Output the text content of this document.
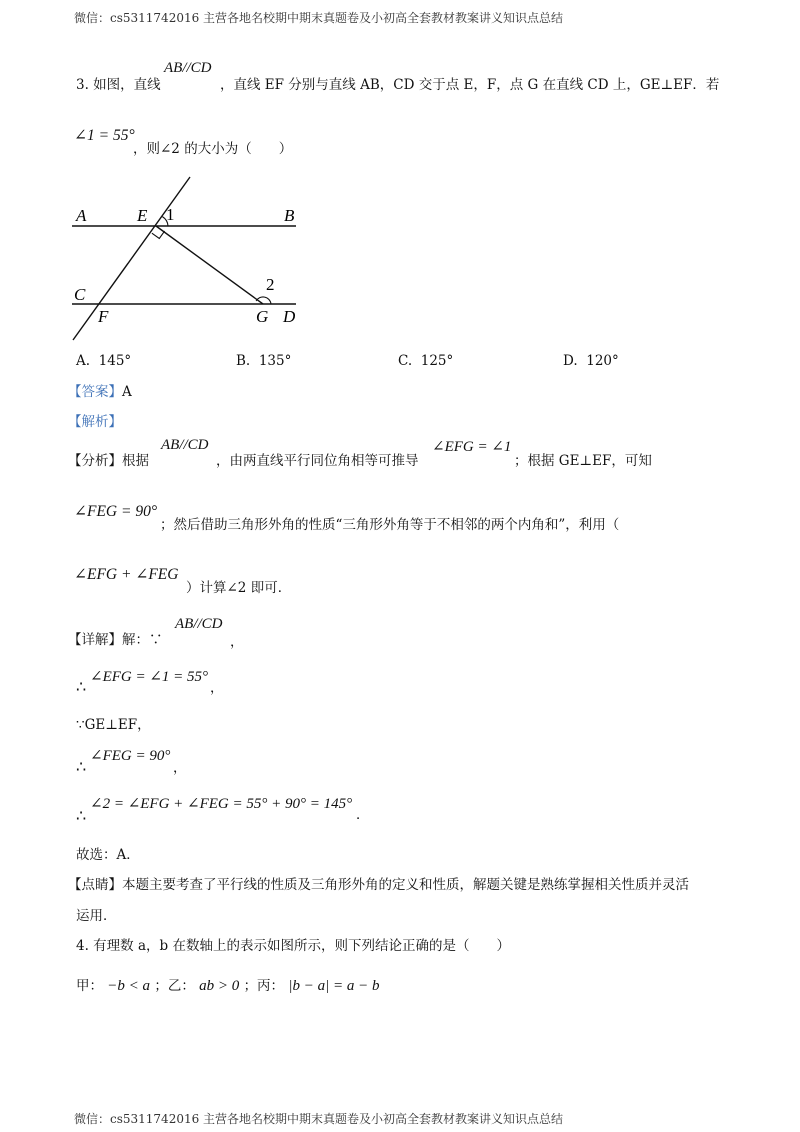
微信：cs5311742016 主营各地名校期中期末真题卷及小初高全套教材教案讲义知识点总结
3. 如图，直线
AB//CD
，直线 EF 分别与直线 AB，CD 交于点 E，F，点 G 在直线 CD 上，GE⊥EF．若
∠1 = 55°
，则∠2 的大小为（　　）
A	E 1	B
2
C
F	G D
A. 145°	B. 135°	C. 125°	D. 120°
【答案】A
【解析】
【分析】根据
AB//CD
，由两直线平行同位角相等可推导
∠EFG = ∠1
；根据 GE⊥EF，可知
∠FEG = 90°
；然后借助三角形外角的性质“三角形外角等于不相邻的两个内角和”，利用（
∠EFG + ∠FEG
）计算∠2 即可．
【详解】解：∵
AB//CD
，
∴ ∠EFG = ∠1 = 55°
，
∵GE⊥EF，
∴
∠FEG = 90°
，
∴
∠2 = ∠EFG + ∠FEG = 55° + 90° = 145°
．
故选：A．
【点睛】本题主要考查了平行线的性质及三角形外角的定义和性质，解题关键是熟练掌握相关性质并灵活
运用．
4. 有理数 a，b 在数轴上的表示如图所示，则下列结论正确的是（　　）
甲： −b < a ；乙： ab > 0 ；丙： |b − a| = a − b
微信：cs5311742016 主营各地名校期中期末真题卷及小初高全套教材教案讲义知识点总结
